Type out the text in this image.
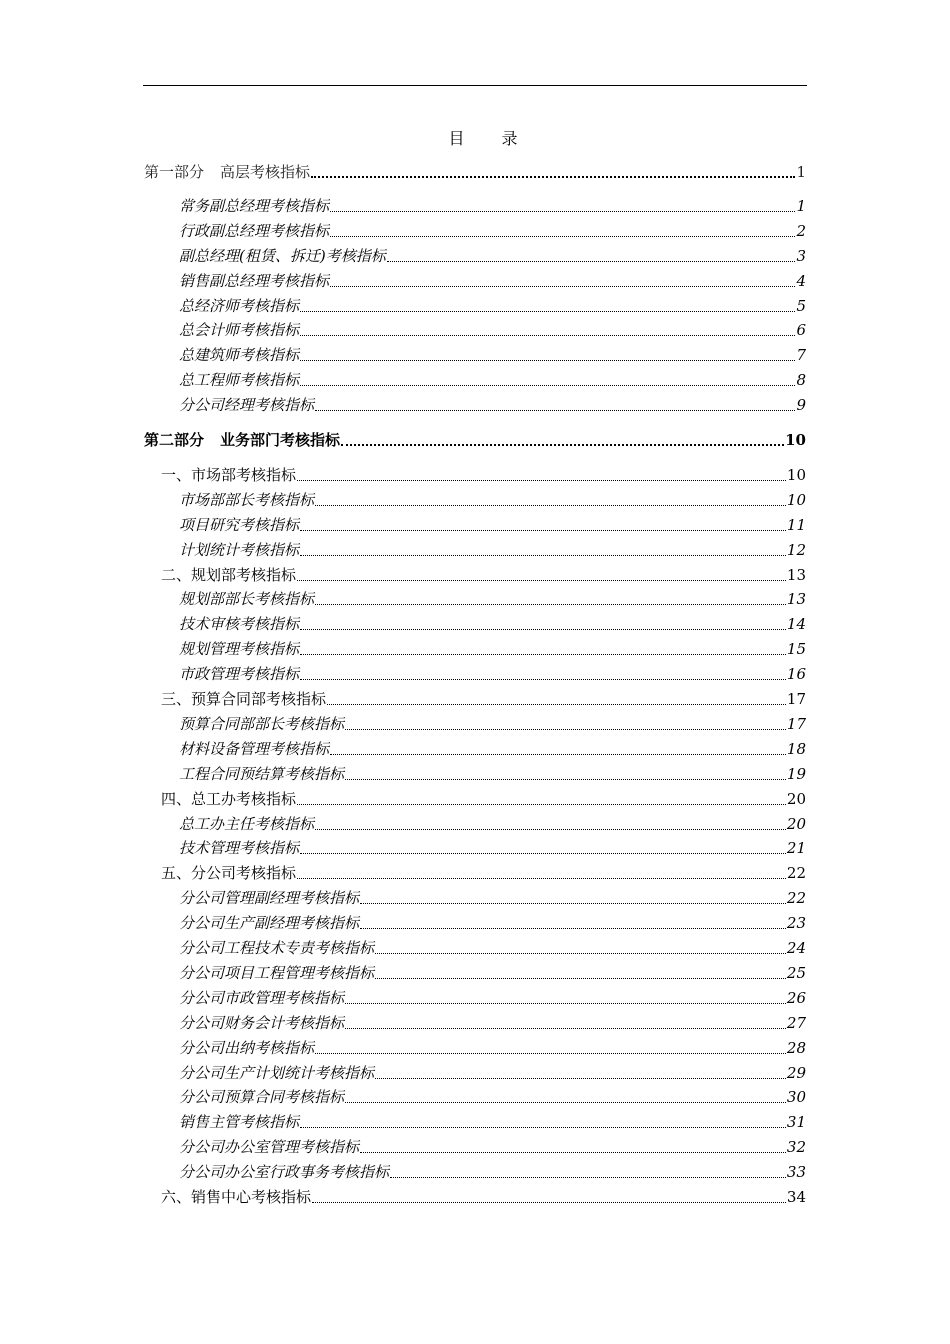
目 录
第一部分 高层考核指标	1
常务副总经理考核指标	1
行政副总经理考核指标	2
副总经理(租赁、拆迁)考核指标	3
销售副总经理考核指标	4
总经济师考核指标	5
总会计师考核指标	6
总建筑师考核指标	7
总工程师考核指标	8
分公司经理考核指标	9
第二部分 业务部门考核指标	10
一、市场部考核指标	10
市场部部长考核指标	10
项目研究考核指标	11
计划统计考核指标	12
二、规划部考核指标	13
规划部部长考核指标	13
技术审核考核指标	14
规划管理考核指标	15
市政管理考核指标	16
三、预算合同部考核指标	17
预算合同部部长考核指标	17
材料设备管理考核指标	18
工程合同预结算考核指标	19
四、总工办考核指标	20
总工办主任考核指标	20
技术管理考核指标	21
五、分公司考核指标	22
分公司管理副经理考核指标	22
分公司生产副经理考核指标	23
分公司工程技术专责考核指标	24
分公司项目工程管理考核指标	25
分公司市政管理考核指标	26
分公司财务会计考核指标	27
分公司出纳考核指标	28
分公司生产计划统计考核指标	29
分公司预算合同考核指标	30
销售主管考核指标	31
分公司办公室管理考核指标	32
分公司办公室行政事务考核指标	33
六、销售中心考核指标	34
